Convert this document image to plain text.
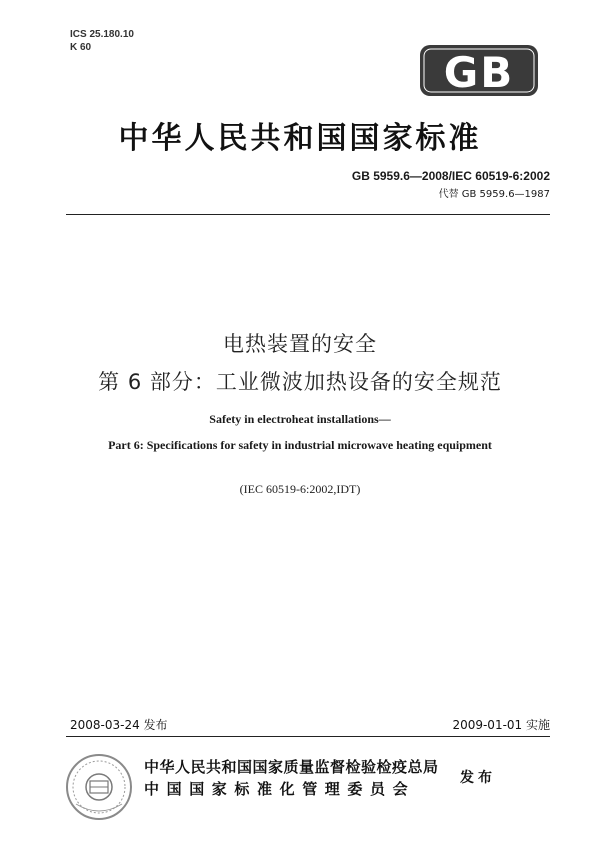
ICS 25.180.10
K 60
GB
中华人民共和国国家标准
GB 5959.6—2008/IEC 60519-6:2002
代替 GB 5959.6—1987
电热装置的安全
第 6 部分：工业微波加热设备的安全规范
Safety in electroheat installations—
Part 6: Specifications for safety in industrial microwave heating equipment
(IEC 60519-6:2002,IDT)
2008-03-24 发布	2009-01-01 实施
中华人民共和国国家质量监督检验检疫总局
中国国家标准化管理委员会
发布
